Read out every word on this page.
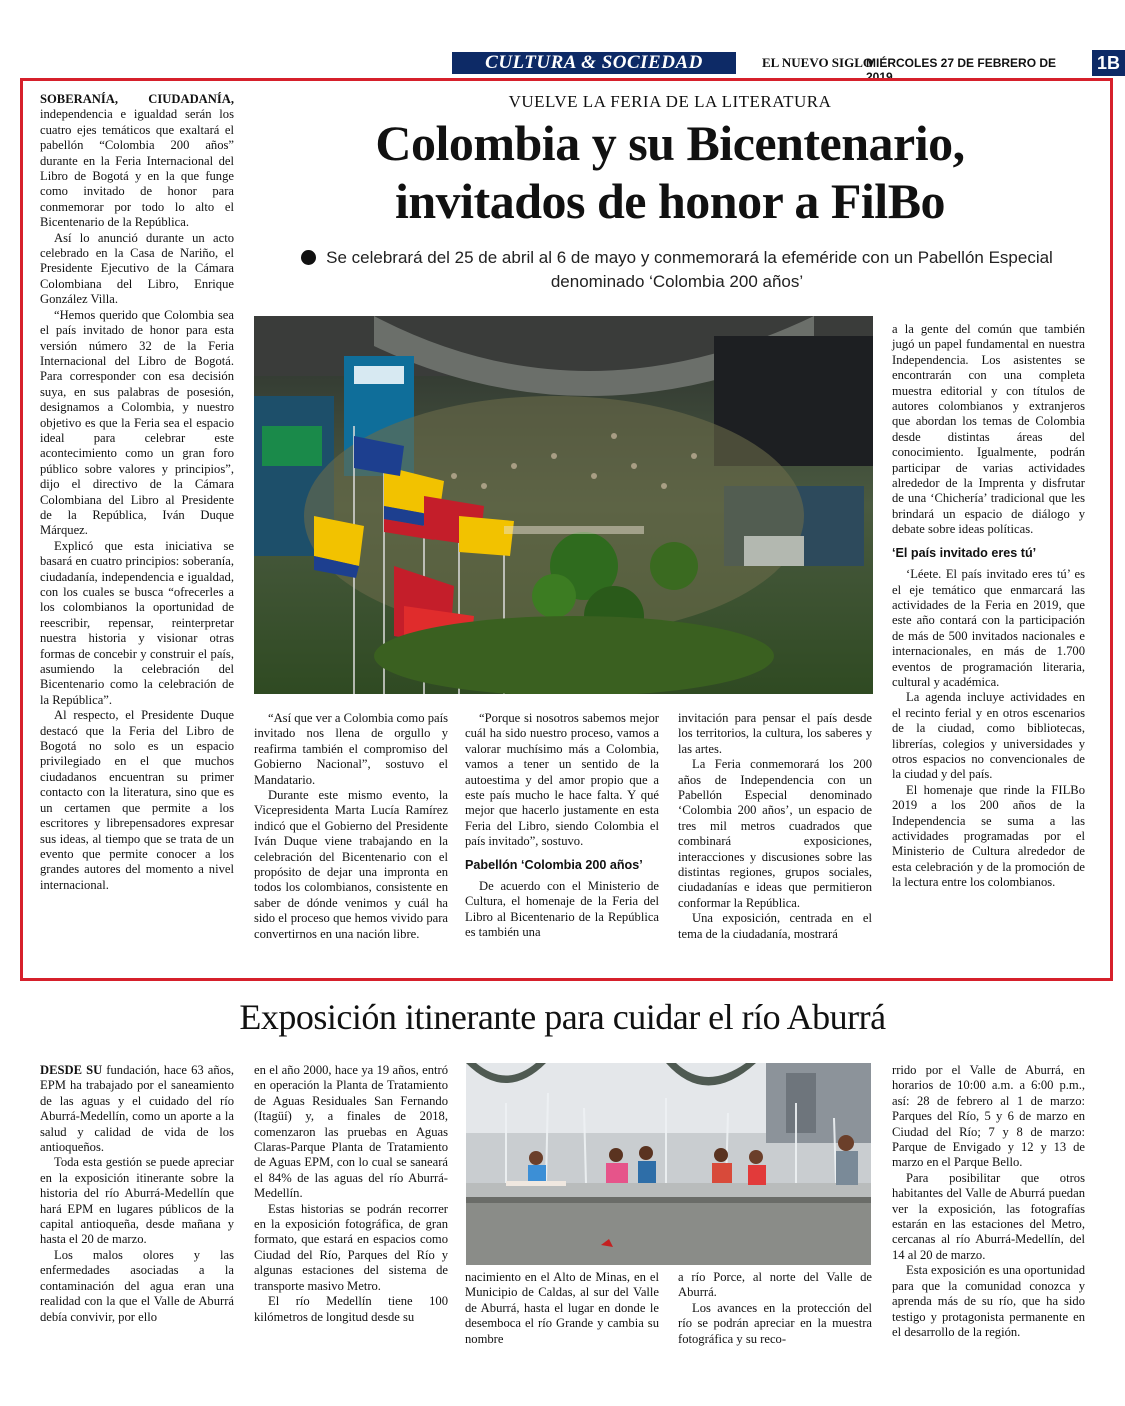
CULTURA & SOCIEDAD	EL NUEVO SIGLO
MIÉRCOLES 27 DE FEBRERO DE 2019
1B

SOBERANÍA, CIUDADANÍA, independencia e igualdad serán los cuatro ejes temáticos que exaltará el pabellón “Colombia 200 años” durante en la Feria Internacional del Libro de Bogotá y en la que funge como invitado de honor para conmemorar por todo lo alto el Bicentenario de la República.

Así lo anunció durante un acto celebrado en la Casa de Nariño, el Presidente Ejecutivo de la Cámara Colombiana del Libro, Enrique González Villa.

“Hemos querido que Colombia sea el país invitado de honor para esta versión número 32 de la Feria Internacional del Libro de Bogotá. Para corresponder con esa decisión suya, en sus palabras de posesión, designamos a Colombia, y nuestro objetivo es que la Feria sea el espacio ideal para celebrar este acontecimiento como un gran foro público sobre valores y principios”, dijo el directivo de la Cámara Colombiana del Libro al Presidente de la República, Iván Duque Márquez.

Explicó que esta iniciativa se basará en cuatro principios: soberanía, ciudadanía, independencia e igualdad, con los cuales se busca “ofrecerles a los colombianos la oportunidad de reescribir, repensar, reinterpretar nuestra historia y visionar otras formas de concebir y construir el país, asumiendo la celebración del Bicentenario como la celebración de la República”.

Al respecto, el Presidente Duque destacó que la Feria del Libro de Bogotá no solo es un espacio privilegiado en el que muchos ciudadanos encuentran su primer contacto con la literatura, sino que es un certamen que permite a los escritores y librepensadores expresar sus ideas, al tiempo que se trata de un evento que permite conocer a los grandes autores del momento a nivel internacional.

VUELVE LA FERIA DE LA LITERATURA
Colombia y su Bicentenario,
invitados de honor a FilBo
Se celebrará del 25 de abril al 6 de mayo y conmemorará la efeméride con un Pabellón Especial denominado ‘Colombia 200 años’

“Así que ver a Colombia como país invitado nos llena de orgullo y reafirma también el compromiso del Gobierno Nacional”, sostuvo el Mandatario.

Durante este mismo evento, la Vicepresidenta Marta Lucía Ramírez indicó que el Gobierno del Presidente Iván Duque viene trabajando en la celebración del Bicentenario con el propósito de dejar una impronta en todos los colombianos, consistente en saber de dónde venimos y cuál ha sido el proceso que hemos vivido para convertirnos en una nación libre.

“Porque si nosotros sabemos mejor cuál ha sido nuestro proceso, vamos a valorar muchísimo más a Colombia, vamos a tener un sentido de la autoestima y del amor propio que a este país mucho le hace falta. Y qué mejor que hacerlo justamente en esta Feria del Libro, siendo Colombia el país invitado”, sostuvo.

Pabellón ‘Colombia 200 años’

De acuerdo con el Ministerio de Cultura, el homenaje de la Feria del Libro al Bicentenario de la República es también una

invitación para pensar el país desde los territorios, la cultura, los saberes y las artes.

La Feria conmemorará los 200 años de Independencia con un Pabellón Especial denominado ‘Colombia 200 años’, un espacio de tres mil metros cuadrados que combinará exposiciones, interacciones y discusiones sobre las distintas regiones, grupos sociales, ciudadanías e ideas que permitieron conformar la República.

Una exposición, centrada en el tema de la ciudadanía, mostrará

a la gente del común que también jugó un papel fundamental en nuestra Independencia. Los asistentes se encontrarán con una completa muestra editorial y con títulos de autores colombianos y extranjeros que abordan los temas de Colombia desde distintas áreas del conocimiento. Igualmente, podrán participar de varias actividades alrededor de la Imprenta y disfrutar de una ‘Chichería’ tradicional que les brindará un espacio de diálogo y debate sobre ideas políticas.

‘El país invitado eres tú’

‘Léete. El país invitado eres tú’ es el eje temático que enmarcará las actividades de la Feria en 2019, que este año contará con la participación de más de 500 invitados nacionales e internacionales, en más de 1.700 eventos de programación literaria, cultural y académica.

La agenda incluye actividades en el recinto ferial y en otros escenarios de la ciudad, como bibliotecas, librerías, colegios y universidades y otros espacios no convencionales de la ciudad y del país.

El homenaje que rinde la FILBo 2019 a los 200 años de la Independencia se suma a las actividades programadas por el Ministerio de Cultura alrededor de esta celebración y de la promoción de la lectura entre los colombianos.

Exposición itinerante para cuidar el río Aburrá

DESDE SU fundación, hace 63 años, EPM ha trabajado por el saneamiento de las aguas y el cuidado del río Aburrá-Medellín, como un aporte a la salud y calidad de vida de los antioqueños.

Toda esta gestión se puede apreciar en la exposición itinerante sobre la historia del río Aburrá-Medellín que hará EPM en lugares públicos de la capital antioqueña, desde mañana y hasta el 20 de marzo.

Los malos olores y las enfermedades asociadas a la contaminación del agua eran una realidad con la que el Valle de Aburrá debía convivir, por ello

en el año 2000, hace ya 19 años, entró en operación la Planta de Tratamiento de Aguas Residuales San Fernando (Itagüí) y, a finales de 2018, comenzaron las pruebas en Aguas Claras-Parque Planta de Tratamiento de Aguas EPM, con lo cual se saneará el 84% de las aguas del río Aburrá-Medellín.

Estas historias se podrán recorrer en la exposición fotográfica, de gran formato, que estará en espacios como Ciudad del Río, Parques del Río y algunas estaciones del sistema de transporte masivo Metro.

El río Medellín tiene 100 kilómetros de longitud desde su

nacimiento en el Alto de Minas, en el Municipio de Caldas, al sur del Valle de Aburrá, hasta el lugar en donde le desemboca el río Grande y cambia su nombre

a río Porce, al norte del Valle de Aburrá.

Los avances en la protección del río se podrán apreciar en la muestra fotográfica y su reco-

rrido por el Valle de Aburrá, en horarios de 10:00 a.m. a 6:00 p.m., así: 28 de febrero al 1 de marzo: Parques del Río, 5 y 6 de marzo en Ciudad del Río; 7 y 8 de marzo: Parque de Envigado y 12 y 13 de marzo en el Parque Bello.

Para posibilitar que otros habitantes del Valle de Aburrá puedan ver la exposición, las fotografías estarán en las estaciones del Metro, cercanas al río Aburrá-Medellín, del 14 al 20 de marzo.

Esta exposición es una oportunidad para que la comunidad conozca y aprenda más de su río, que ha sido testigo y protagonista permanente en el desarrollo de la región.
